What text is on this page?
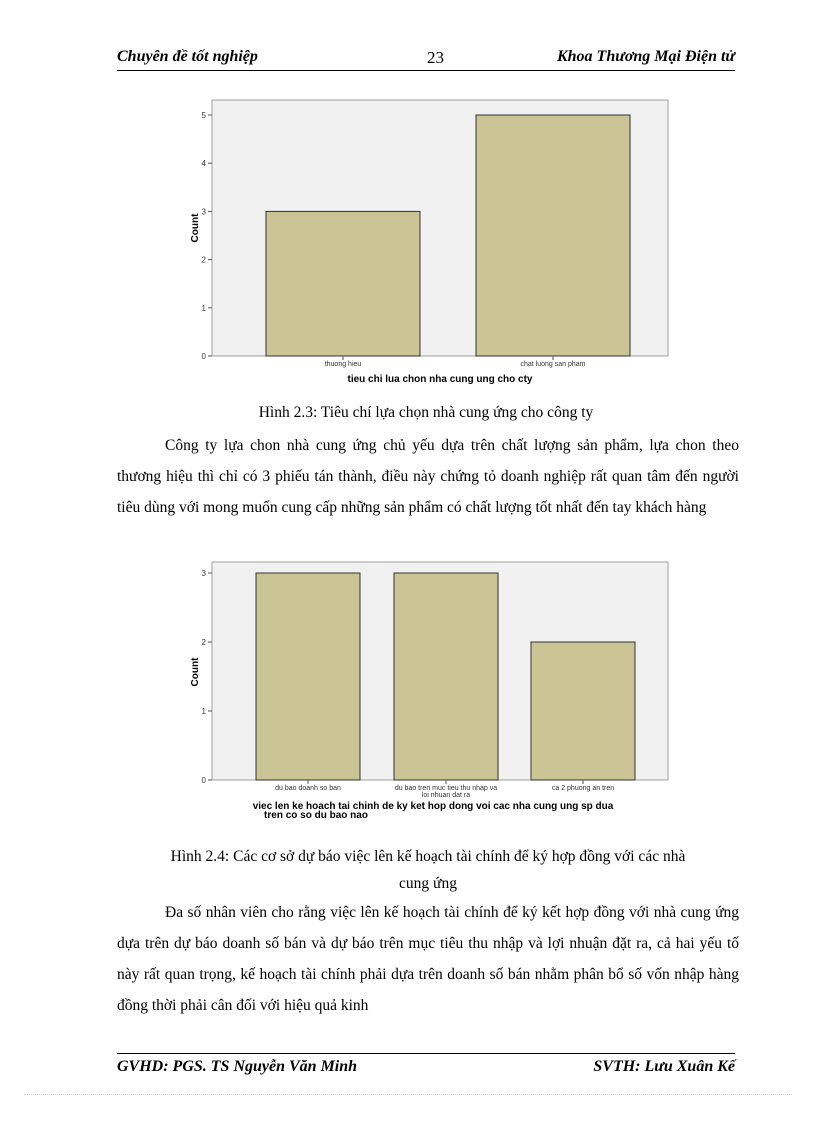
Chuyên đề tốt nghiệp	23	Khoa Thương Mại Điện tử
Count
0
1
2
3
4
5
thuong hieu	chat luong san pham
tieu chi lua chon nha cung ung cho cty
Hình 2.3: Tiêu chí lựa chọn nhà cung ứng cho công ty
Công ty lựa chon nhà cung ứng chủ yếu dựa trên chất lượng sản phẩm, lựa chon theo thương hiệu thì chỉ có 3 phiếu tán thành, điều này chứng tỏ doanh nghiệp rất quan tâm đến người tiêu dùng với mong muốn cung cấp những sản phẩm có chất lượng tốt nhất đến tay khách hàng
Count
0
1
2
3
du bao doanh so ban	du bao tren muc tieu thu nhap va
loi nhuan dat ra
ca 2 phuong an tren
viec len ke hoach tai chinh de ky ket hop dong voi cac nha cung ung sp dua
tren co so du bao nao
Hình 2.4: Các cơ sở dự báo việc lên kế hoạch tài chính để ký hợp đồng với các nhà
cung ứng
Đa số nhân viên cho rằng việc lên kế hoạch tài chính để ký kết hợp đồng với nhà cung ứng dựa trên dự báo doanh số bán và dự báo trên mục tiêu thu nhập và lợi nhuận đặt ra, cả hai yếu tố này rất quan trọng, kế hoạch tài chính phải dựa trên doanh số bán nhằm phân bổ số vốn nhập hàng đồng thời phải cân đối với hiệu quả kinh
GVHD: PGS. TS Nguyễn Văn Minh	SVTH: Lưu Xuân Kế
